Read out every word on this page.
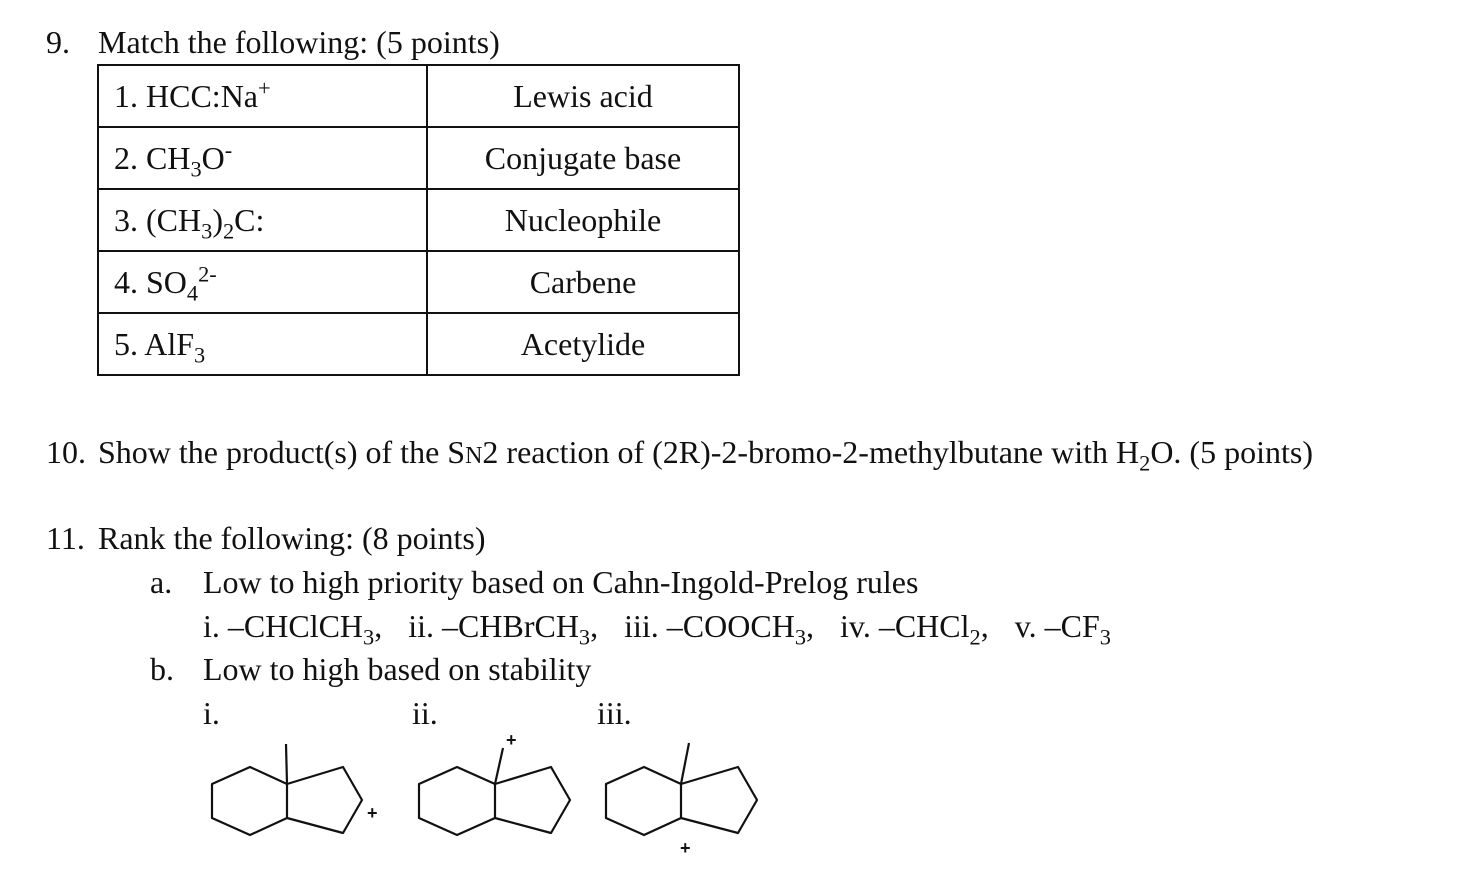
9. Match the following: (5 points)
1. HCC:Na+	Lewis acid
2. $CH_3O^-$	Conjugate base
3. $(CH_3)_2C$:	Nucleophile
4. $SO_4^{2-}$	Carbene
5. AlF$_3$	Acetylide
10. Show the product(s) of the SN2 reaction of (2R)-2-bromo-2-methylbutane with $H_2O$. (5 points)
11. Rank the following: (8 points)
a. Low to high priority based on Cahn-Ingold-Prelog rules
i. –CHClCH$_3$, ii. –CHBrCH$_3$, iii. $-COOCH_3$, iv. –CHCl$_2$, v. $-CF_3$
b. Low to high based on stability
i.	ii.	iii.
+
+
+
